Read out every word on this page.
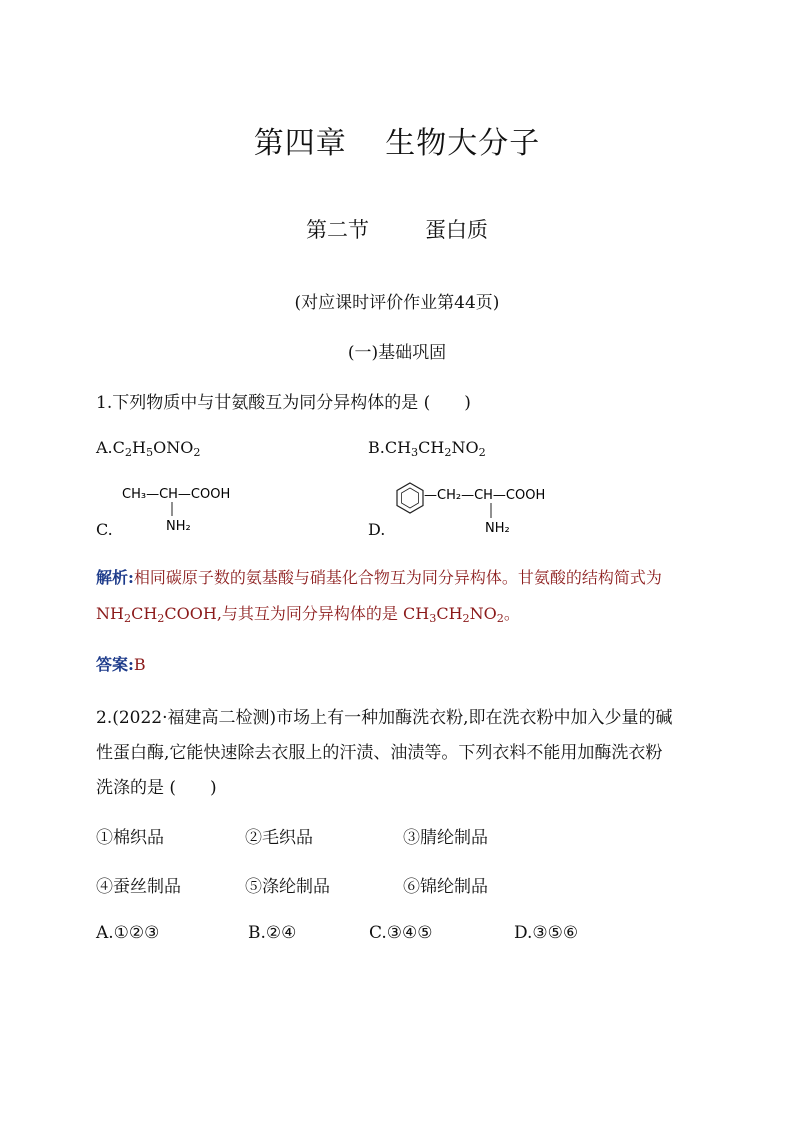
第四章 生物大分子
第二节	蛋白质
(对应课时评价作业第44页)
(一)基础巩固
1.下列物质中与甘氨酸互为同分异构体的是 (　　)
$A.C_2H_5ONO_2$	$B.CH_3CH_2NO_2$
C.
CH₃—CH—COOH
NH₂	D.
—CH₂—CH—COOH
NH₂
解析:相同碳原子数的氨基酸与硝基化合物互为同分异构体。甘氨酸的结构简式为 $NH_2CH_2COOH$,与其互为同分异构体的是 $CH_3CH_2NO_2$。
答案:B
2.(2022·福建高二检测)市场上有一种加酶洗衣粉,即在洗衣粉中加入少量的碱
性蛋白酶,它能快速除去衣服上的汗渍、油渍等。下列衣料不能用加酶洗衣粉
洗涤的是 (　　)
①棉织品	②毛织品	③腈纶制品
④蚕丝制品	⑤涤纶制品	⑥锦纶制品
A.①②③	B.②④	C.③④⑤	D.③⑤⑥
